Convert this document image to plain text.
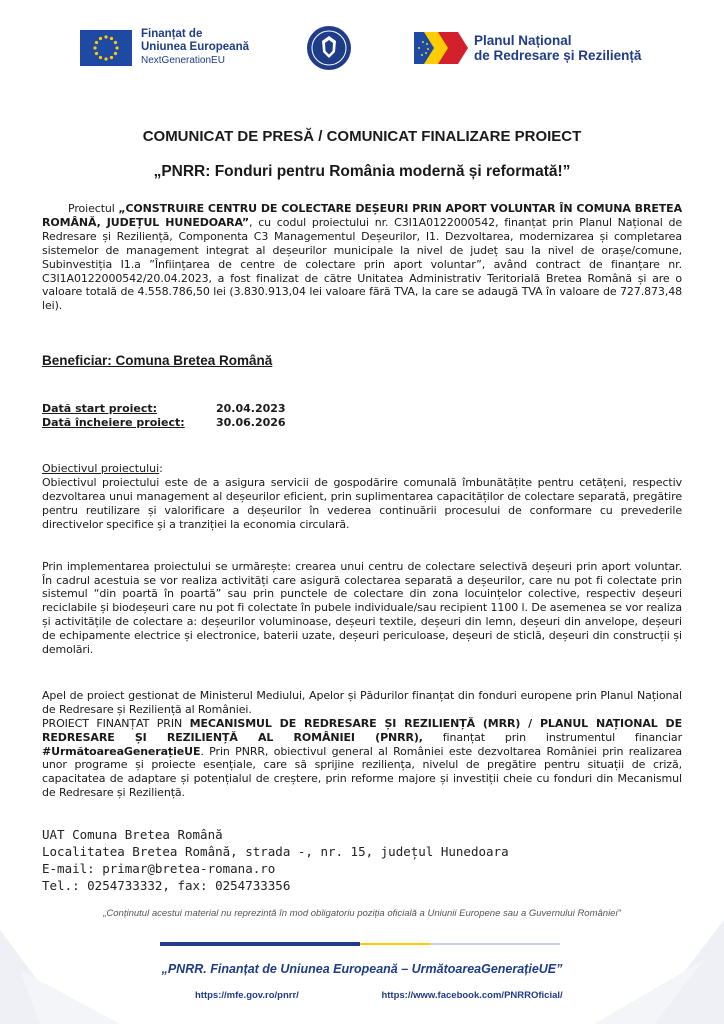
Finanțat de
Uniunea Europeană
NextGenerationEU
Planul Național
de Redresare și Reziliență
COMUNICAT DE PRESĂ / COMUNICAT FINALIZARE PROIECT
„PNRR: Fonduri pentru România modernă și reformată!”

Proiectul „CONSTRUIRE CENTRU DE COLECTARE DEȘEURI PRIN APORT VOLUNTAR ÎN COMUNA BRETEA ROMÂNĂ, JUDEȚUL HUNEDOARA”, cu codul proiectului nr. C3I1A0122000542, finanțat prin Planul Național de Redresare și Reziliență, Componenta C3 Managementul Deșeurilor, I1. Dezvoltarea, modernizarea și completarea sistemelor de management integrat al deșeurilor municipale la nivel de județ sau la nivel de orașe/comune, Subinvestiția I1.a ”Înființarea de centre de colectare prin aport voluntar”, având contract de finanțare nr. C3I1A0122000542/20.04.2023, a fost finalizat de către Unitatea Administrativ Teritorială Bretea Română și are o valoare totală de 4.558.786,50 lei (3.830.913,04 lei valoare fără TVA, la care se adaugă TVA în valoare de 727.873,48 lei).

Beneficiar: Comuna Bretea Română
Dată start proiect:	20.04.2023
Dată încheiere proiect:	30.06.2026
Obiectivul proiectului:

Obiectivul proiectului este de a asigura servicii de gospodărire comunală îmbunătățite pentru cetățeni, respectiv dezvoltarea unui management al deșeurilor eficient, prin suplimentarea capacităților de colectare separată, pregătire pentru reutilizare și valorificare a deșeurilor în vederea continuării procesului de conformare cu prevederile directivelor specifice și a tranziției la economia circulară.

Prin implementarea proiectului se urmărește: crearea unui centru de colectare selectivă deșeuri prin aport voluntar. În cadrul acestuia se vor realiza activități care asigură colectarea separată a deșeurilor, care nu pot fi colectate prin sistemul “din poartă în poartă” sau prin punctele de colectare din zona locuințelor colective, respectiv deșeuri reciclabile și biodeșeuri care nu pot fi colectate în pubele individuale/sau recipient 1100 l. De asemenea se vor realiza și activitățile de colectare a: deșeurilor voluminoase, deșeuri textile, deșeuri din lemn, deșeuri din anvelope, deșeuri de echipamente electrice și electronice, baterii uzate, deșeuri periculoase, deșeuri de sticlă, deșeuri din construcții și demolări.

Apel de proiect gestionat de Ministerul Mediului, Apelor și Pădurilor finanțat din fonduri europene prin Planul Național de Redresare și Reziliență al României.

PROIECT FINANȚAT PRIN MECANISMUL DE REDRESARE ȘI REZILIENȚĂ (MRR) / PLANUL NAȚIONAL DE REDRESARE ȘI REZILIENȚĂ AL ROMÂNIEI (PNRR), finanțat prin instrumentul financiar #UrmătoareaGenerațieUE. Prin PNRR, obiectivul general al României este dezvoltarea României prin realizarea unor programe și proiecte esențiale, care să sprijine reziliența, nivelul de pregătire pentru situații de criză, capacitatea de adaptare și potențialul de creștere, prin reforme majore și investiții cheie cu fonduri din Mecanismul de Redresare și Reziliență.

UAT Comuna Bretea Română
Localitatea Bretea Română, strada -, nr. 15, județul Hunedoara
E-mail: primar@bretea-romana.ro
Tel.: 0254733332, fax: 0254733356
„Conținutul acestui material nu reprezintă în mod obligatoriu poziția oficială a Uniunii Europene sau a Guvernului României”
„PNRR. Finanțat de Uniunea Europeană – UrmătoareaGenerațieUE”
https://mfe.gov.ro/pnrr/	https://www.facebook.com/PNRROficial/
